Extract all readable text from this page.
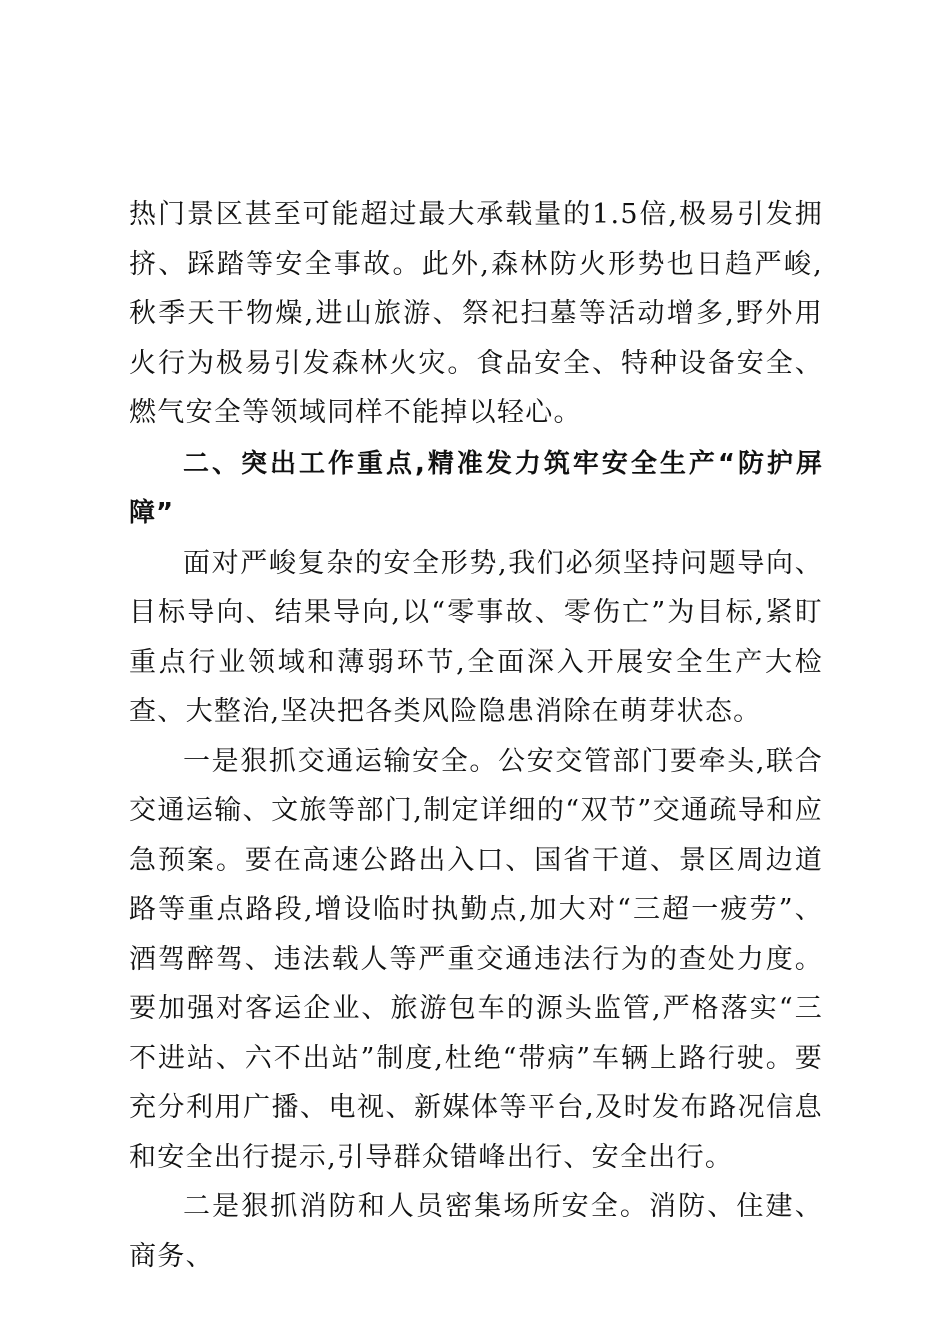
热门景区甚至可能超过最大承载量的1.5倍,极易引发拥挤、踩踏等安全事故。此外,森林防火形势也日趋严峻,秋季天干物燥,进山旅游、祭祀扫墓等活动增多,野外用火行为极易引发森林火灾。食品安全、特种设备安全、燃气安全等领域同样不能掉以轻心。

二、突出工作重点,精准发力筑牢安全生产“防护屏障”

面对严峻复杂的安全形势,我们必须坚持问题导向、目标导向、结果导向,以“零事故、零伤亡”为目标,紧盯重点行业领域和薄弱环节,全面深入开展安全生产大检查、大整治,坚决把各类风险隐患消除在萌芽状态。

一是狠抓交通运输安全。公安交管部门要牵头,联合交通运输、文旅等部门,制定详细的“双节”交通疏导和应急预案。要在高速公路出入口、国省干道、景区周边道路等重点路段,增设临时执勤点,加大对“三超一疲劳”、酒驾醉驾、违法载人等严重交通违法行为的查处力度。要加强对客运企业、旅游包车的源头监管,严格落实“三不进站、六不出站”制度,杜绝“带病”车辆上路行驶。要充分利用广播、电视、新媒体等平台,及时发布路况信息和安全出行提示,引导群众错峰出行、安全出行。

二是狠抓消防和人员密集场所安全。消防、住建、商务、
